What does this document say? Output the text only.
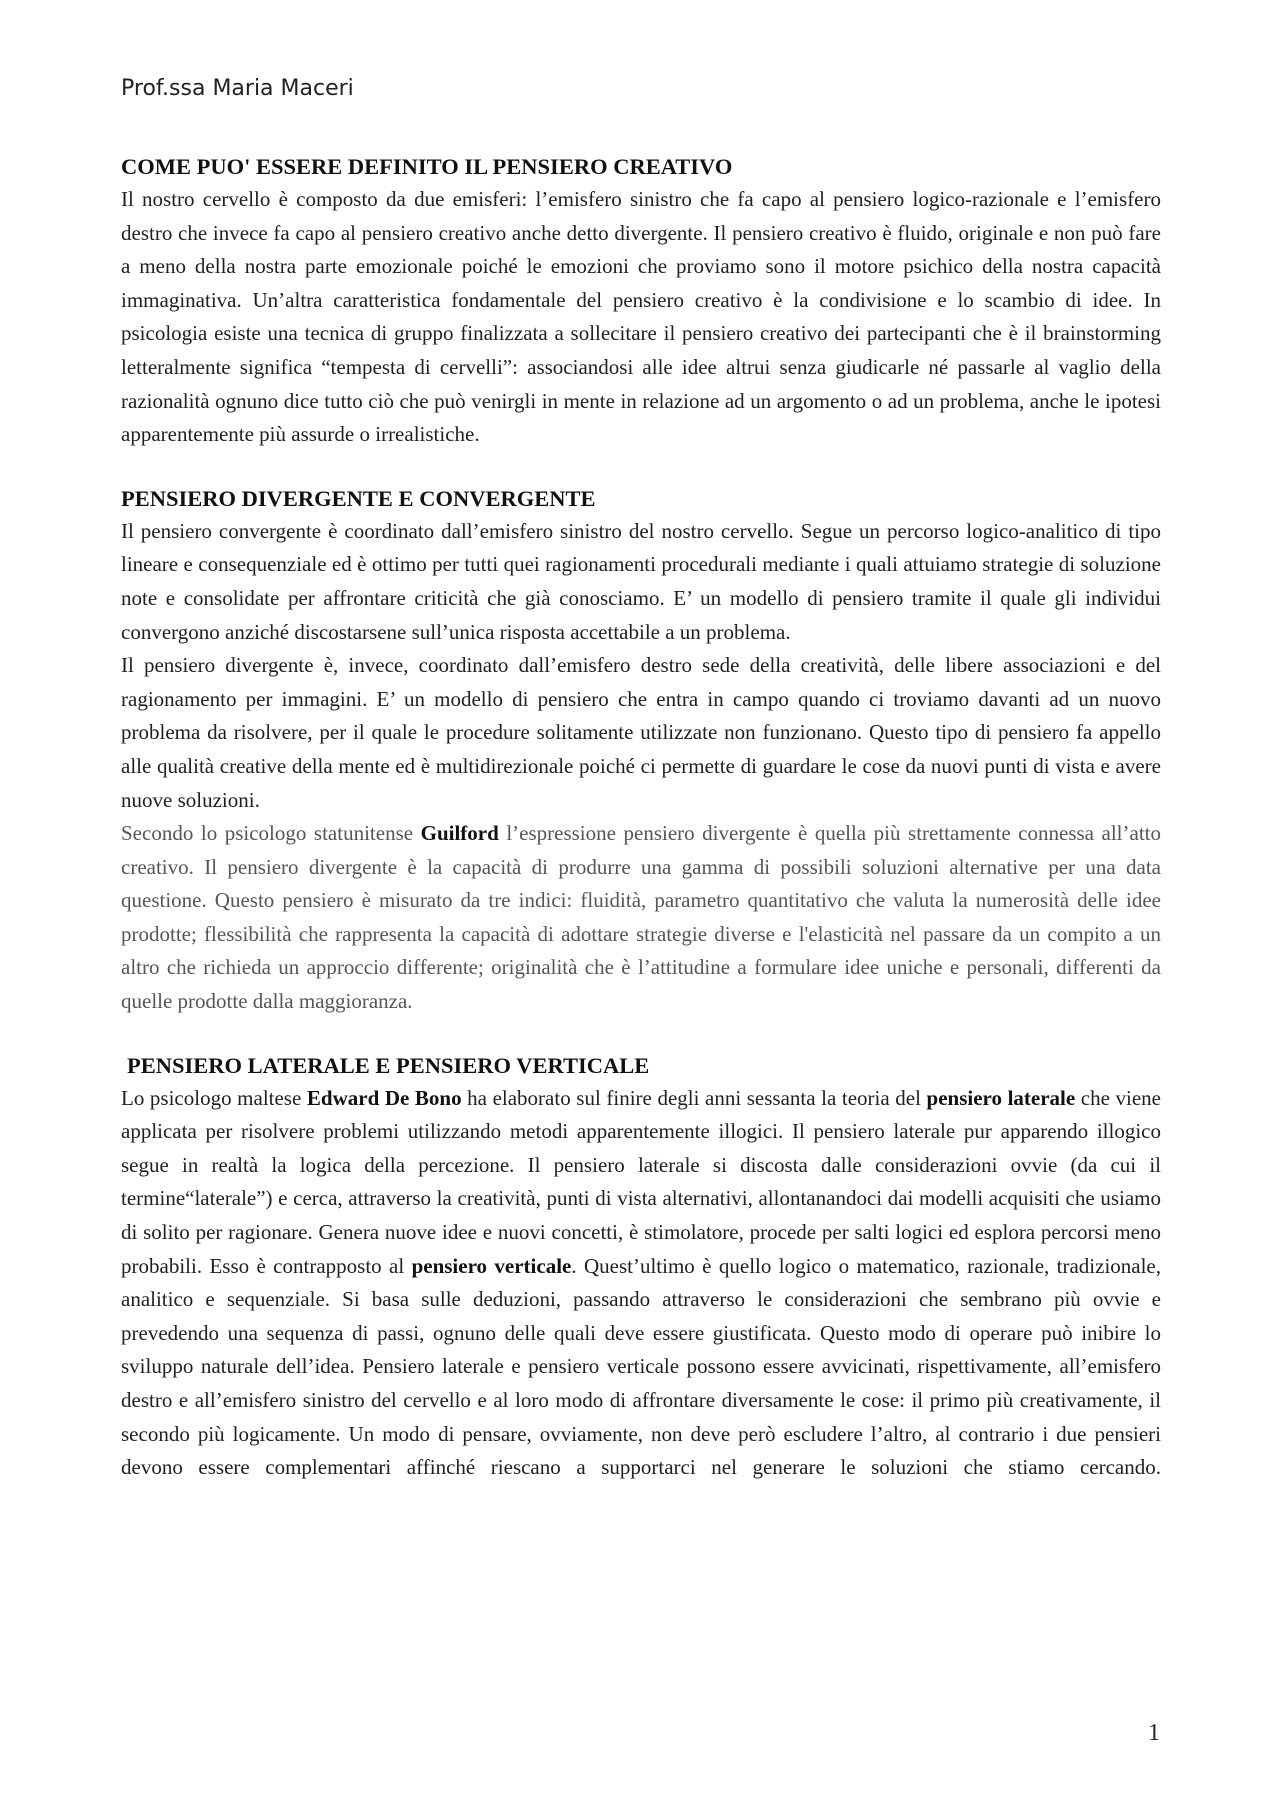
Prof.ssa Maria Maceri
COME PUO' ESSERE DEFINITO IL PENSIERO CREATIVO

Il nostro cervello è composto da due emisferi: l’emisfero sinistro che fa capo al pensiero logico-razionale e l’emisfero destro che invece fa capo al pensiero creativo anche detto divergente. Il pensiero creativo è fluido, originale e non può fare a meno della nostra parte emozionale poiché le emozioni che proviamo sono il motore psichico della nostra capacità immaginativa. Un’altra caratteristica fondamentale del pensiero creativo è la condivisione e lo scambio di idee. In psicologia esiste una tecnica di gruppo finalizzata a sollecitare il pensiero creativo dei partecipanti che è il brainstorming letteralmente significa “tempesta di cervelli”: associandosi alle idee altrui senza giudicarle né passarle al vaglio della razionalità ognuno dice tutto ciò che può venirgli in mente in relazione ad un argomento o ad un problema, anche le ipotesi apparentemente più assurde o irrealistiche.

PENSIERO DIVERGENTE E CONVERGENTE

Il pensiero convergente è coordinato dall’emisfero sinistro del nostro cervello. Segue un percorso logico-analitico di tipo lineare e consequenziale ed è ottimo per tutti quei ragionamenti procedurali mediante i quali attuiamo strategie di soluzione note e consolidate per affrontare criticità che già conosciamo. E’ un modello di pensiero tramite il quale gli individui convergono anziché discostarsene sull’unica risposta accettabile a un problema.

Il pensiero divergente è, invece, coordinato dall’emisfero destro sede della creatività, delle libere associazioni e del ragionamento per immagini. E’ un modello di pensiero che entra in campo quando ci troviamo davanti ad un nuovo problema da risolvere, per il quale le procedure solitamente utilizzate non funzionano. Questo tipo di pensiero fa appello alle qualità creative della mente ed è multidirezionale poiché ci permette di guardare le cose da nuovi punti di vista e avere nuove soluzioni.

Secondo lo psicologo statunitense Guilford l’espressione pensiero divergente è quella più strettamente connessa all’atto creativo. Il pensiero divergente è la capacità di produrre una gamma di possibili soluzioni alternative per una data questione. Questo pensiero è misurato da tre indici: fluidità, parametro quantitativo che valuta la numerosità delle idee prodotte; flessibilità che rappresenta la capacità di adottare strategie diverse e l'elasticità nel passare da un compito a un altro che richieda un approccio differente; originalità che è l’attitudine a formulare idee uniche e personali, differenti da quelle prodotte dalla maggioranza.

PENSIERO LATERALE E PENSIERO VERTICALE

Lo psicologo maltese Edward De Bono ha elaborato sul finire degli anni sessanta la teoria del pensiero laterale che viene applicata per risolvere problemi utilizzando metodi apparentemente illogici. Il pensiero laterale pur apparendo illogico segue in realtà la logica della percezione. Il pensiero laterale si discosta dalle considerazioni ovvie (da cui il termine“laterale”) e cerca, attraverso la creatività, punti di vista alternativi, allontanandoci dai modelli acquisiti che usiamo di solito per ragionare. Genera nuove idee e nuovi concetti, è stimolatore, procede per salti logici ed esplora percorsi meno probabili. Esso è contrapposto al pensiero verticale. Quest’ultimo è quello logico o matematico, razionale, tradizionale, analitico e sequenziale. Si basa sulle deduzioni, passando attraverso le considerazioni che sembrano più ovvie e prevedendo una sequenza di passi, ognuno delle quali deve essere giustificata. Questo modo di operare può inibire lo sviluppo naturale dell’idea. Pensiero laterale e pensiero verticale possono essere avvicinati, rispettivamente, all’emisfero destro e all’emisfero sinistro del cervello e al loro modo di affrontare diversamente le cose: il primo più creativamente, il secondo più logicamente. Un modo di pensare, ovviamente, non deve però escludere l’altro, al contrario i due pensieri devono essere complementari affinché riescano a supportarci nel generare le soluzioni che stiamo cercando.

1
